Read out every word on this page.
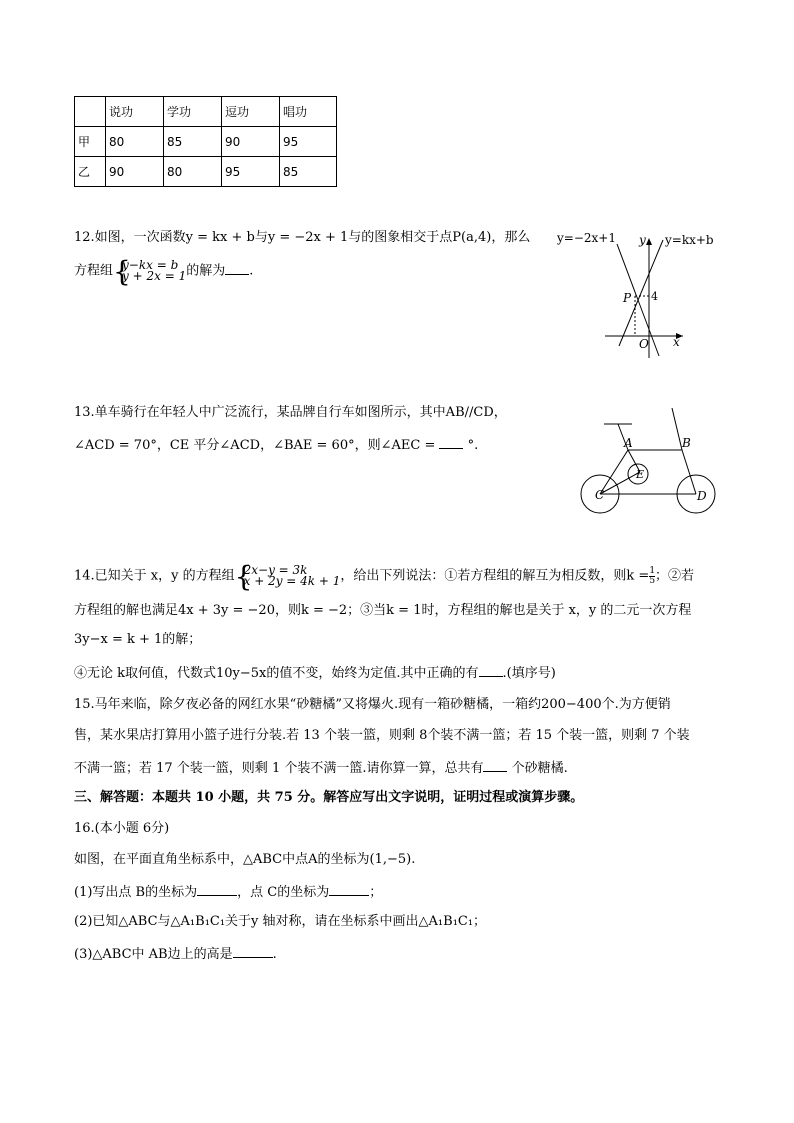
	说功	学功	逗功	唱功
甲	80	85	90	95
乙	90	80	95	85
12.如图，一次函数y = kx + b与y = −2x + 1与的图象相交于点P(a,4)，那么
方程组 {
y−kx = b
y + 2x = 1 的解为 .
y=−2x+1 y y=kx+b
P 4
O x
13.单车骑行在年轻人中广泛流行，某品牌自行车如图所示，其中AB//CD，
∠ACD = 70°，CE 平分∠ACD，∠BAE = 60°，则∠AEC = °.	A	B
C	D
E
14.已知关于 x，y 的方程组 {
2x−y = 3k
x + 2y = 4k + 1 ，给出下列说法：①若方程组的解互为相反数，则$k = \frac{1}{5}$ ；②若
方程组的解也满足4x + 3y = −20，则k = −2；③当k = 1时，方程组的解也是关于 x，y 的二元一次方程
3y−x = k + 1的解；
④无论 k取何值，代数式10y−5x的值不变，始终为定值.其中正确的有 .(填序号)
15.马年来临，除夕夜必备的网红水果“砂糖橘”又将爆火.现有一箱砂糖橘，一箱约200−400个.为方便销
售，某水果店打算用小篮子进行分装.若 13 个装一篮，则剩 8个装不满一篮；若 15 个装一篮，则剩 7 个装
不满一篮；若 17 个装一篮，则剩 1 个装不满一篮.请你算一算，总共有 个砂糖橘.
三、解答题：本题共 10 小题，共 75 分。解答应写出文字说明，证明过程或演算步骤。
16.(本小题 6分)
如图，在平面直角坐标系中，△ABC中点A的坐标为(1,−5).
(1)写出点 B的坐标为	，点 C的坐标为	；
(2)已知△ABC与△A₁B₁C₁关于y 轴对称，请在坐标系中画出△A₁B₁C₁；
(3)△ABC中 AB边上的高是	.
